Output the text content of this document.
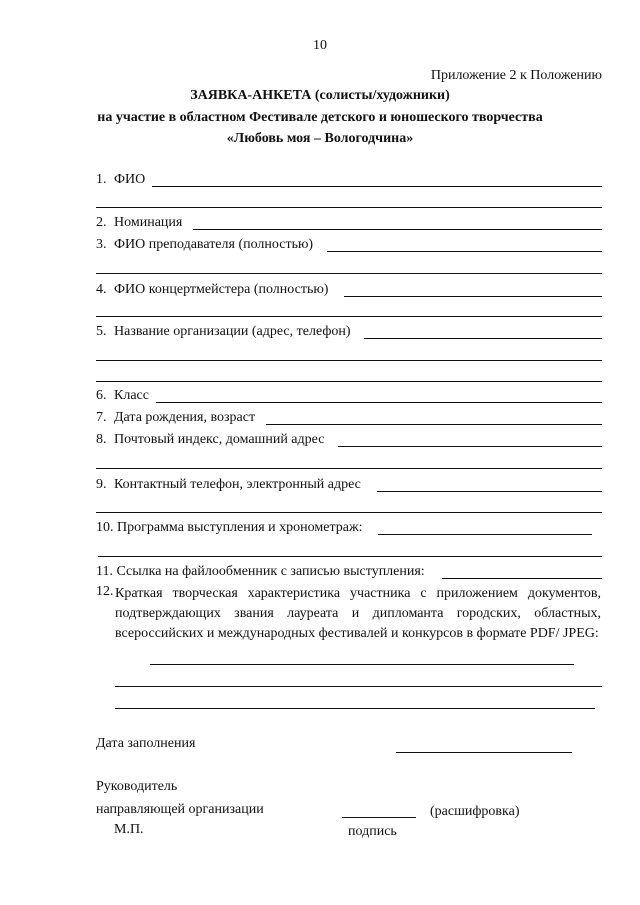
10
Приложение 2 к Положению
ЗАЯВКА-АНКЕТА (солисты/художники)
на участие в областном Фестивале детского и юношеского творчества
«Любовь моя – Вологодчина»
1. ФИО
2. Номинация
3. ФИО преподавателя (полностью)
4. ФИО концертмейстера (полностью)
5. Название организации (адрес, телефон)
6. Класс
7. Дата рождения, возраст
8. Почтовый индекс, домашний адрес
9. Контактный телефон, электронный адрес
10. Программа выступления и хронометраж:
11. Ссылка на файлообменник с записью выступления:
12. Краткая творческая характеристика участника с приложением документов, подтверждающих звания лауреата и дипломанта городских, областных, всероссийских и международных фестивалей и конкурсов в формате PDF/ JPEG:
Дата заполнения
Руководитель
направляющей организации	(расшифровка)
М.П.	подпись
